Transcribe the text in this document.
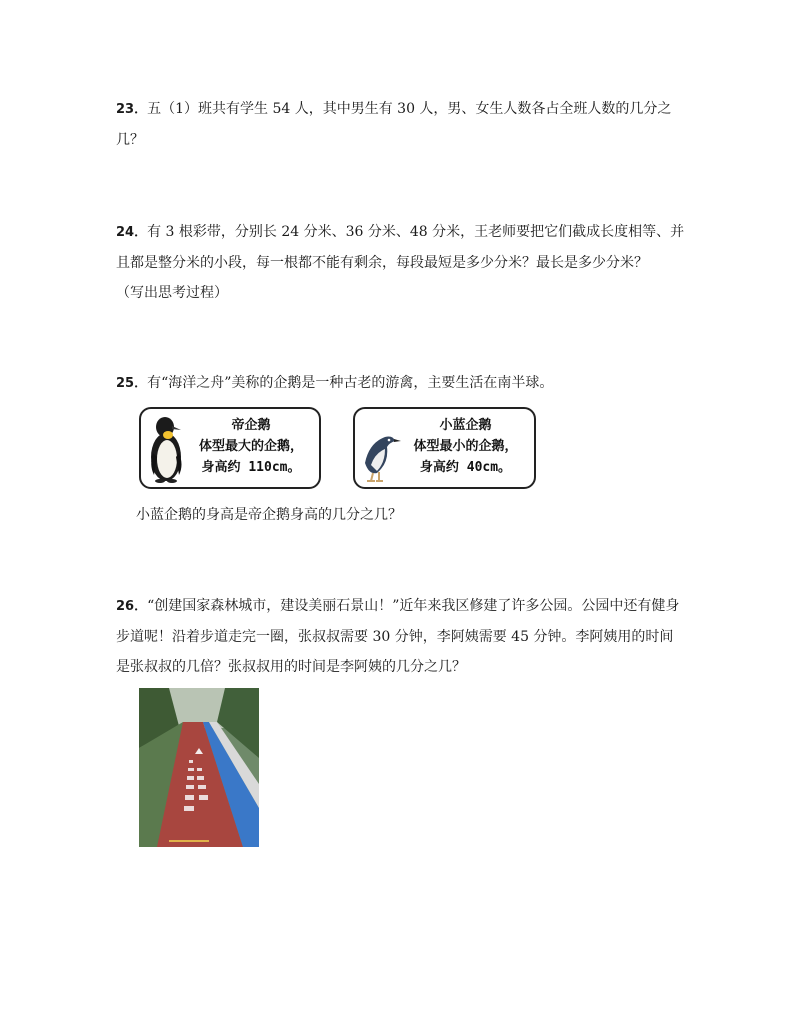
23．五（1）班共有学生 54 人，其中男生有 30 人，男、女生人数各占全班人数的几分之几？
24．有 3 根彩带，分别长 24 分米、36 分米、48 分米，王老师要把它们截成长度相等、并且都是整分米的小段，每一根都不能有剩余，每段最短是多少分米？最长是多少分米？
（写出思考过程）
25．有“海洋之舟”美称的企鹅是一种古老的游禽，主要生活在南半球。
帝企鹅
体型最大的企鹅，
身高约 110cm。
小蓝企鹅
体型最小的企鹅，
身高约 40cm。
小蓝企鹅的身高是帝企鹅身高的几分之几？
26．“创建国家森林城市，建设美丽石景山！”近年来我区修建了许多公园。公园中还有健身步道呢！沿着步道走完一圈，张叔叔需要 30 分钟，李阿姨需要 45 分钟。李阿姨用的时间是张叔叔的几倍？张叔叔用的时间是李阿姨的几分之几？
